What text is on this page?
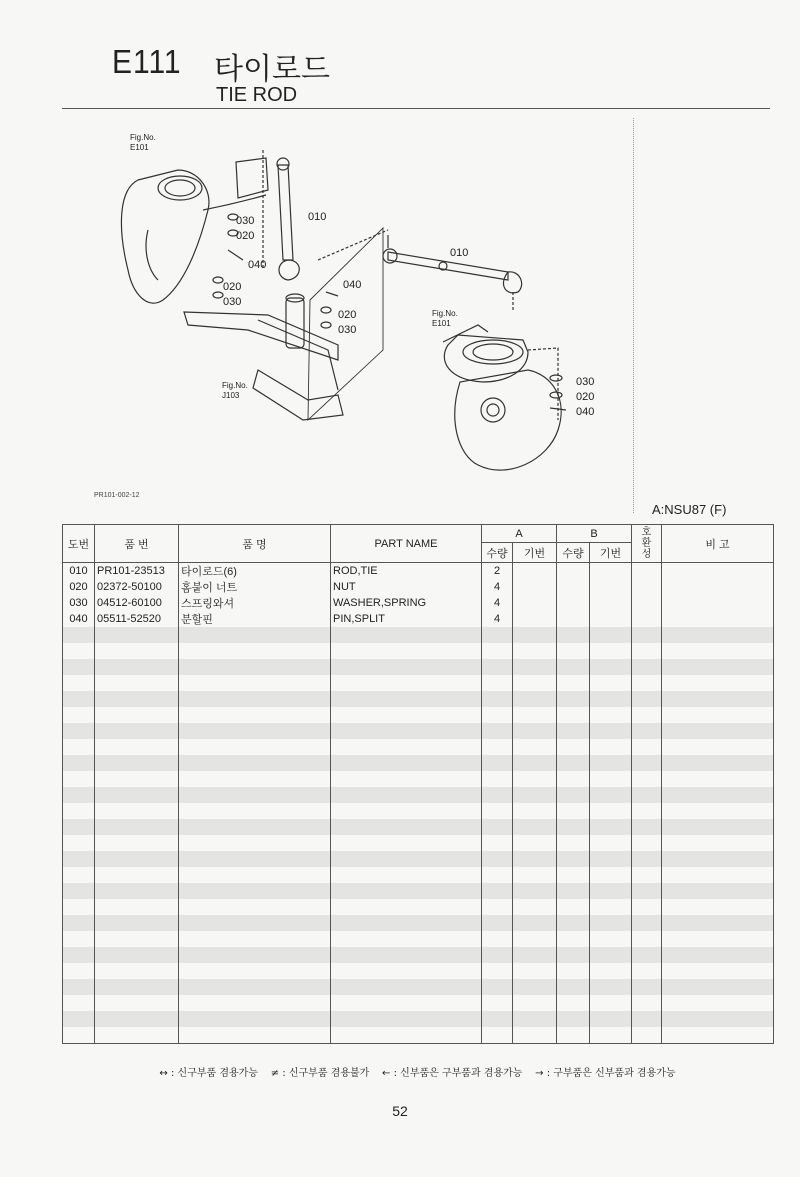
E111 타이로드
TIE ROD
Fig.No.
E101
Fig.No.
E101
Fig.No.
J103
010
030
020
040
020
030
040
020
030
010
030
020
040
PR101-002-12
A:NSU87 (F)
도번	품 번	품 명	PART NAME	A		B		호환성	비 고
				수량	기번	수량	기번		
010	PR101-23513	타이로드(6)	ROD,TIE	2					
020	02372-50100	홈붙이 너트	NUT	4					
030	04512-60100	스프링와셔	WASHER,SPRING	4					
040	05511-52520	분할핀	PIN,SPLIT	4					

↔ : 신구부품 겸용가능 ≠ : 신구부품 겸용불가 ← : 신부품은 구부품과 겸용가능 → : 구부품은 신부품과 겸용가능
52
